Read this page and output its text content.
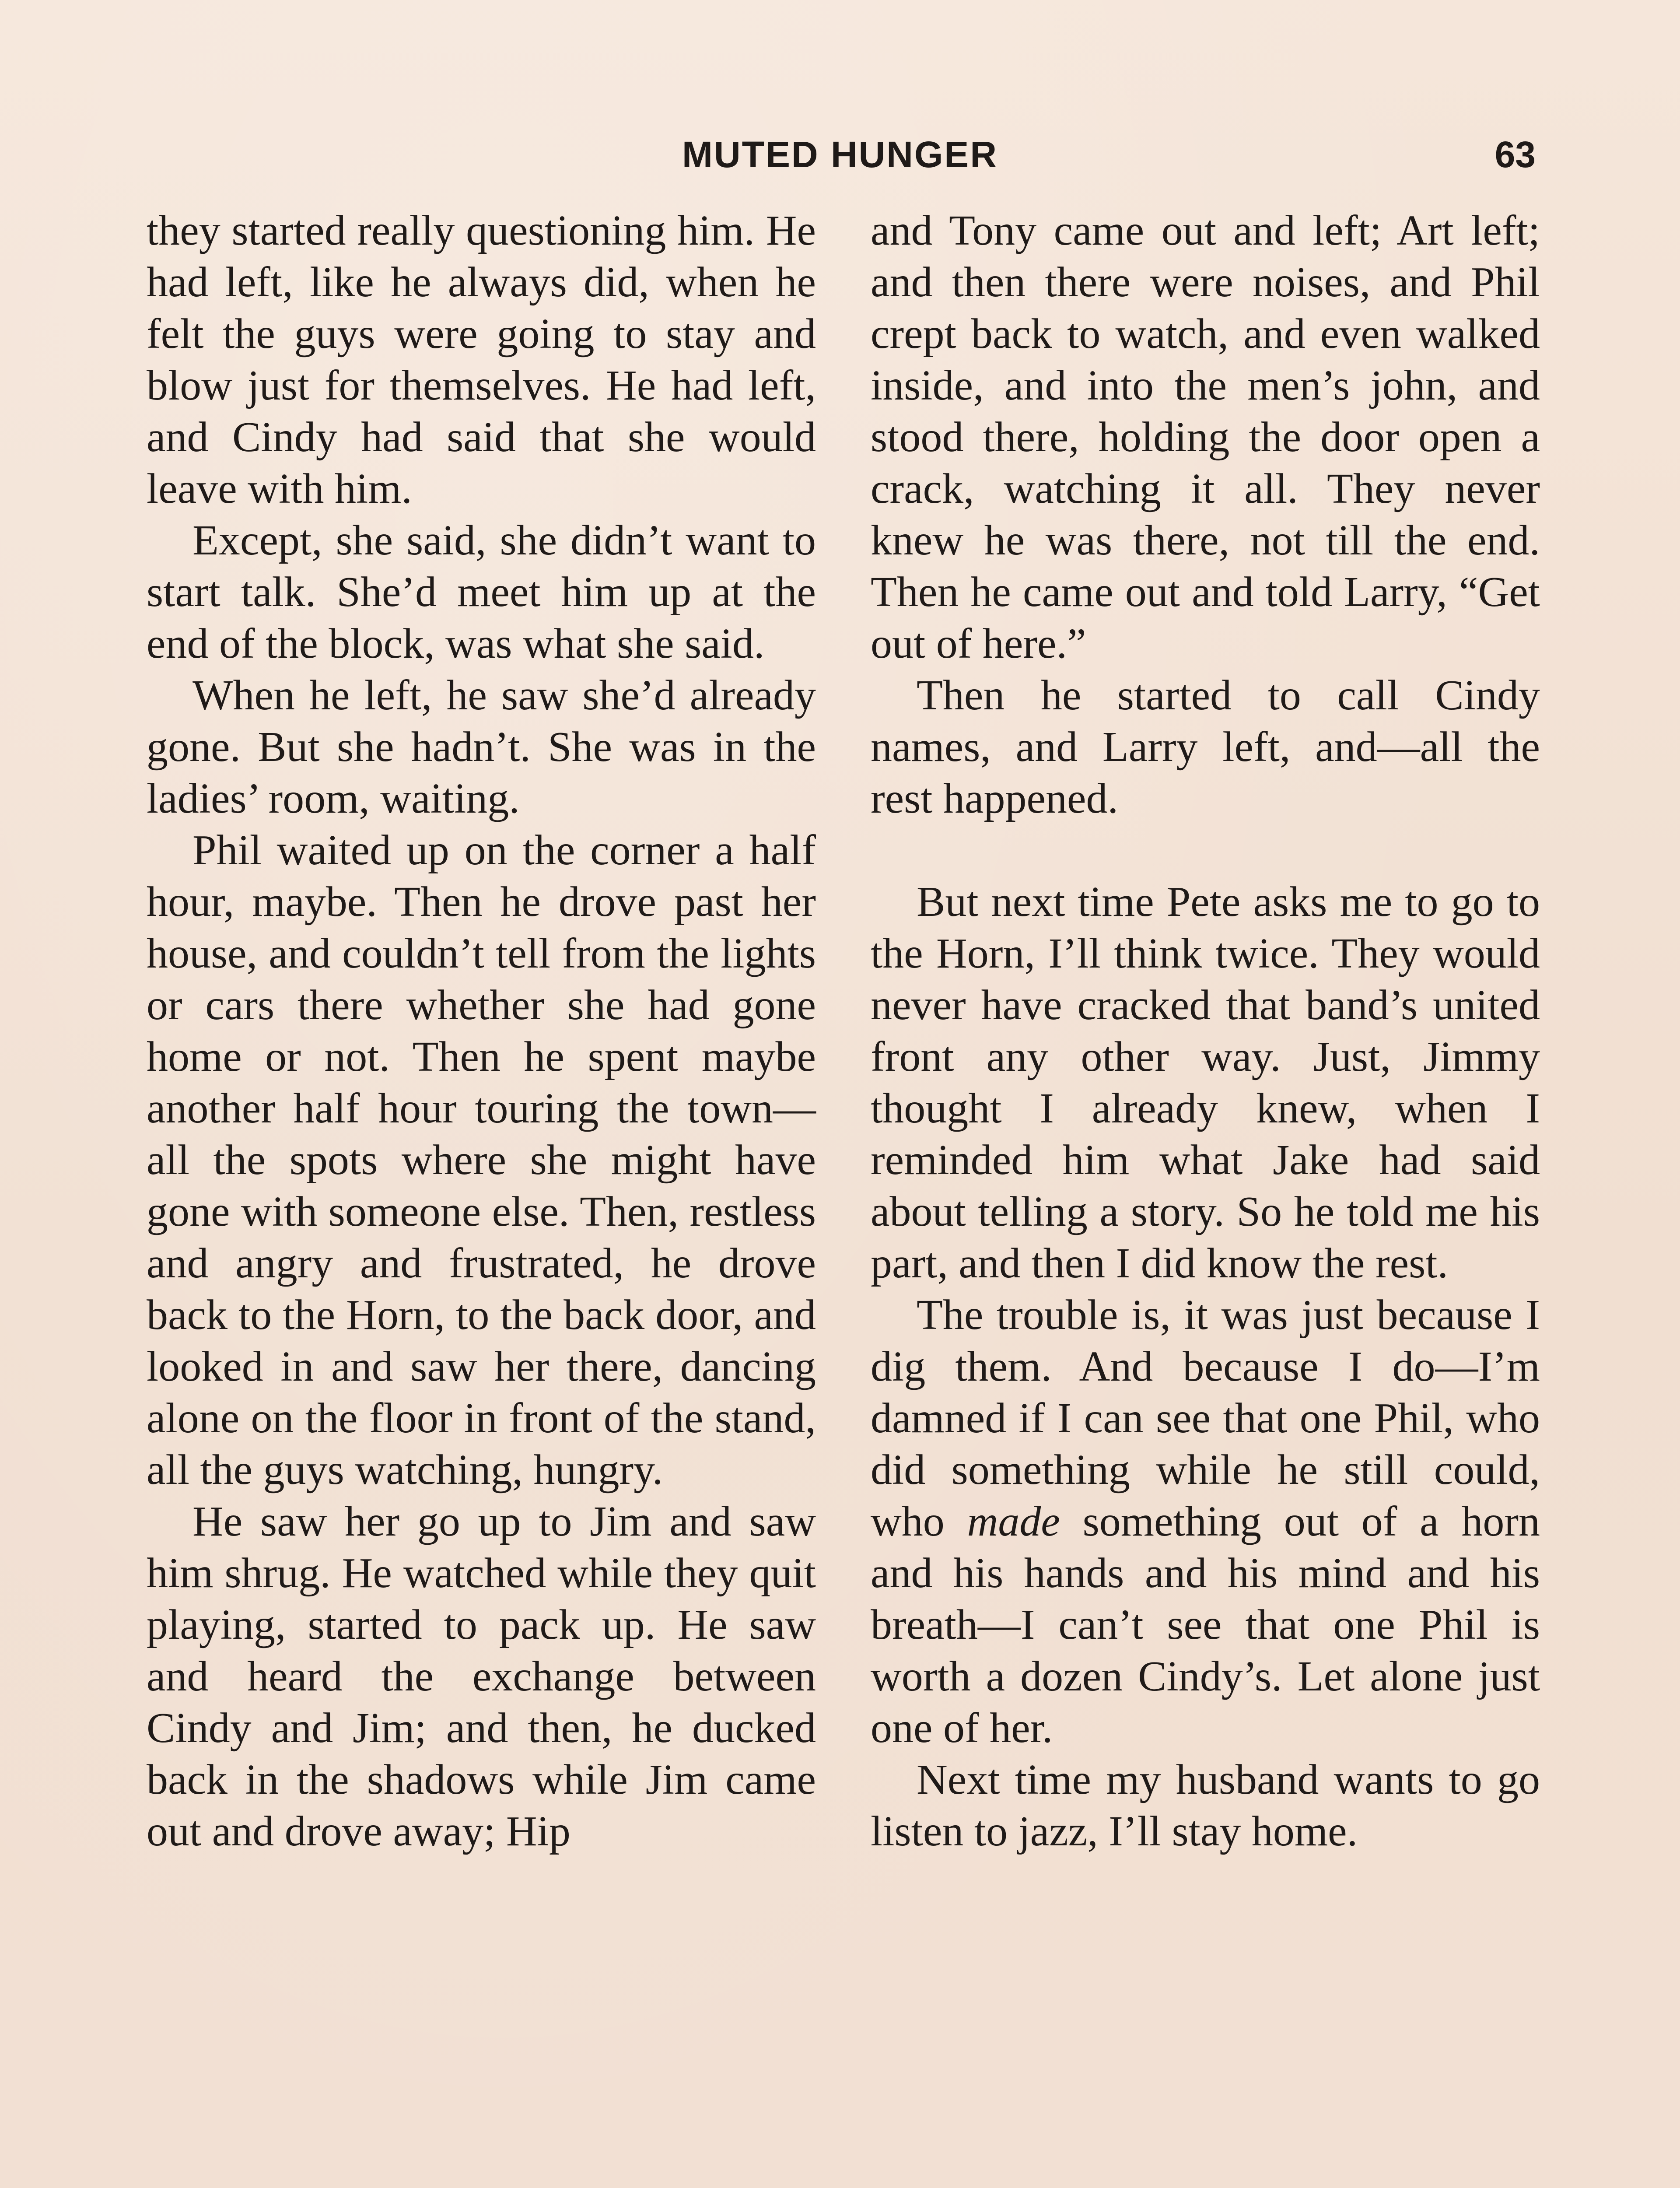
MUTED HUNGER	63

they started really questioning him. He had left, like he always did, when he felt the guys were going to stay and blow just for themselves. He had left, and Cindy had said that she would leave with him.

Except, she said, she didn’t want to start talk. She’d meet him up at the end of the block, was what she said.

When he left, he saw she’d already gone. But she hadn’t. She was in the ladies’ room, waiting.

Phil waited up on the corner a half hour, maybe. Then he drove past her house, and couldn’t tell from the lights or cars there whether she had gone home or not. Then he spent maybe another half hour touring the town—all the spots where she might have gone with someone else. Then, restless and angry and frustrated, he drove back to the Horn, to the back door, and looked in and saw her there, dancing alone on the floor in front of the stand, all the guys watching, hungry.

He saw her go up to Jim and saw him shrug. He watched while they quit playing, started to pack up. He saw and heard the exchange between Cindy and Jim; and then, he ducked back in the shadows while Jim came out and drove away; Hip

and Tony came out and left; Art left; and then there were noises, and Phil crept back to watch, and even walked inside, and into the men’s john, and stood there, holding the door open a crack, watching it all. They never knew he was there, not till the end. Then he came out and told Larry, “Get out of here.”

Then he started to call Cindy names, and Larry left, and—all the rest happened.

But next time Pete asks me to go to the Horn, I’ll think twice. They would never have cracked that band’s united front any other way. Just, Jimmy thought I already knew, when I reminded him what Jake had said about telling a story. So he told me his part, and then I did know the rest.

The trouble is, it was just because I dig them. And because I do—I’m damned if I can see that one Phil, who did something while he still could, who made something out of a horn and his hands and his mind and his breath—I can’t see that one Phil is worth a dozen Cindy’s. Let alone just one of her.

Next time my husband wants to go listen to jazz, I’ll stay home.
